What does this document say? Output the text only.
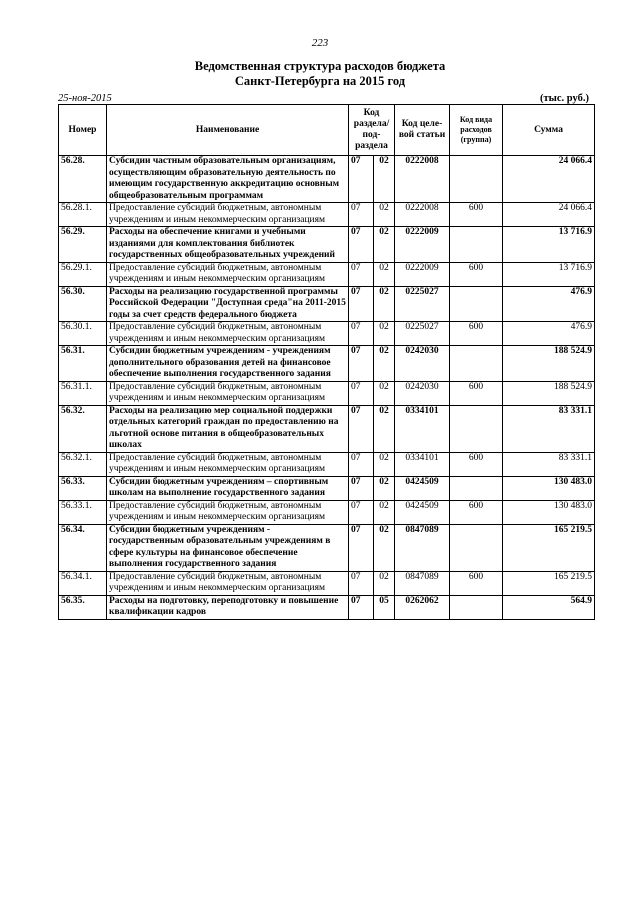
223
Ведомственная структура расходов бюджета
Санкт-Петербурга на 2015 год
25-ноя-2015	(тыс. руб.)
Номер	Наименование	Код раздела/ под- раздела		Код целе- вой статьи	Код вида расходов (группа)	Сумма
56.28.	Субсидии частным образовательным организациям, осуществляющим образовательную деятельность по имеющим государственную аккредитацию основным общеобразовательным программам	07	02	0222008		24 066.4
56.28.1.	Предоставление субсидий бюджетным, автономным учреждениям и иным некоммерческим организациям	07	02	0222008	600	24 066.4
56.29.	Расходы на обеспечение книгами и учебными изданиями для комплектования библиотек государственных общеобразовательных учреждений	07	02	0222009		13 716.9
56.29.1.	Предоставление субсидий бюджетным, автономным учреждениям и иным некоммерческим организациям	07	02	0222009	600	13 716.9
56.30.	Расходы на реализацию государственной программы Российской Федерации "Доступная среда"на 2011-2015 годы за счет средств федерального бюджета	07	02	0225027		476.9
56.30.1.	Предоставление субсидий бюджетным, автономным учреждениям и иным некоммерческим организациям	07	02	0225027	600	476.9
56.31.	Субсидии бюджетным учреждениям - учреждениям дополнительного образования детей на финансовое обеспечение выполнения государственного задания	07	02	0242030		188 524.9
56.31.1.	Предоставление субсидий бюджетным, автономным учреждениям и иным некоммерческим организациям	07	02	0242030	600	188 524.9
56.32.	Расходы на реализацию мер социальной поддержки отдельных категорий граждан по предоставлению на льготной основе питания в общеобразовательных школах	07	02	0334101		83 331.1
56.32.1.	Предоставление субсидий бюджетным, автономным учреждениям и иным некоммерческим организациям	07	02	0334101	600	83 331.1
56.33.	Субсидии бюджетным учреждениям – спортивным школам на выполнение государственного задания	07	02	0424509		130 483.0
56.33.1.	Предоставление субсидий бюджетным, автономным учреждениям и иным некоммерческим организациям	07	02	0424509	600	130 483.0
56.34.	Субсидии бюджетным учреждениям - государственным образовательным учреждениям в сфере культуры на финансовое обеспечение выполнения государственного задания	07	02	0847089		165 219.5
56.34.1.	Предоставление субсидий бюджетным, автономным учреждениям и иным некоммерческим организациям	07	02	0847089	600	165 219.5
56.35.	Расходы на подготовку, переподготовку и повышение квалификации кадров	07	05	0262062		564.9
